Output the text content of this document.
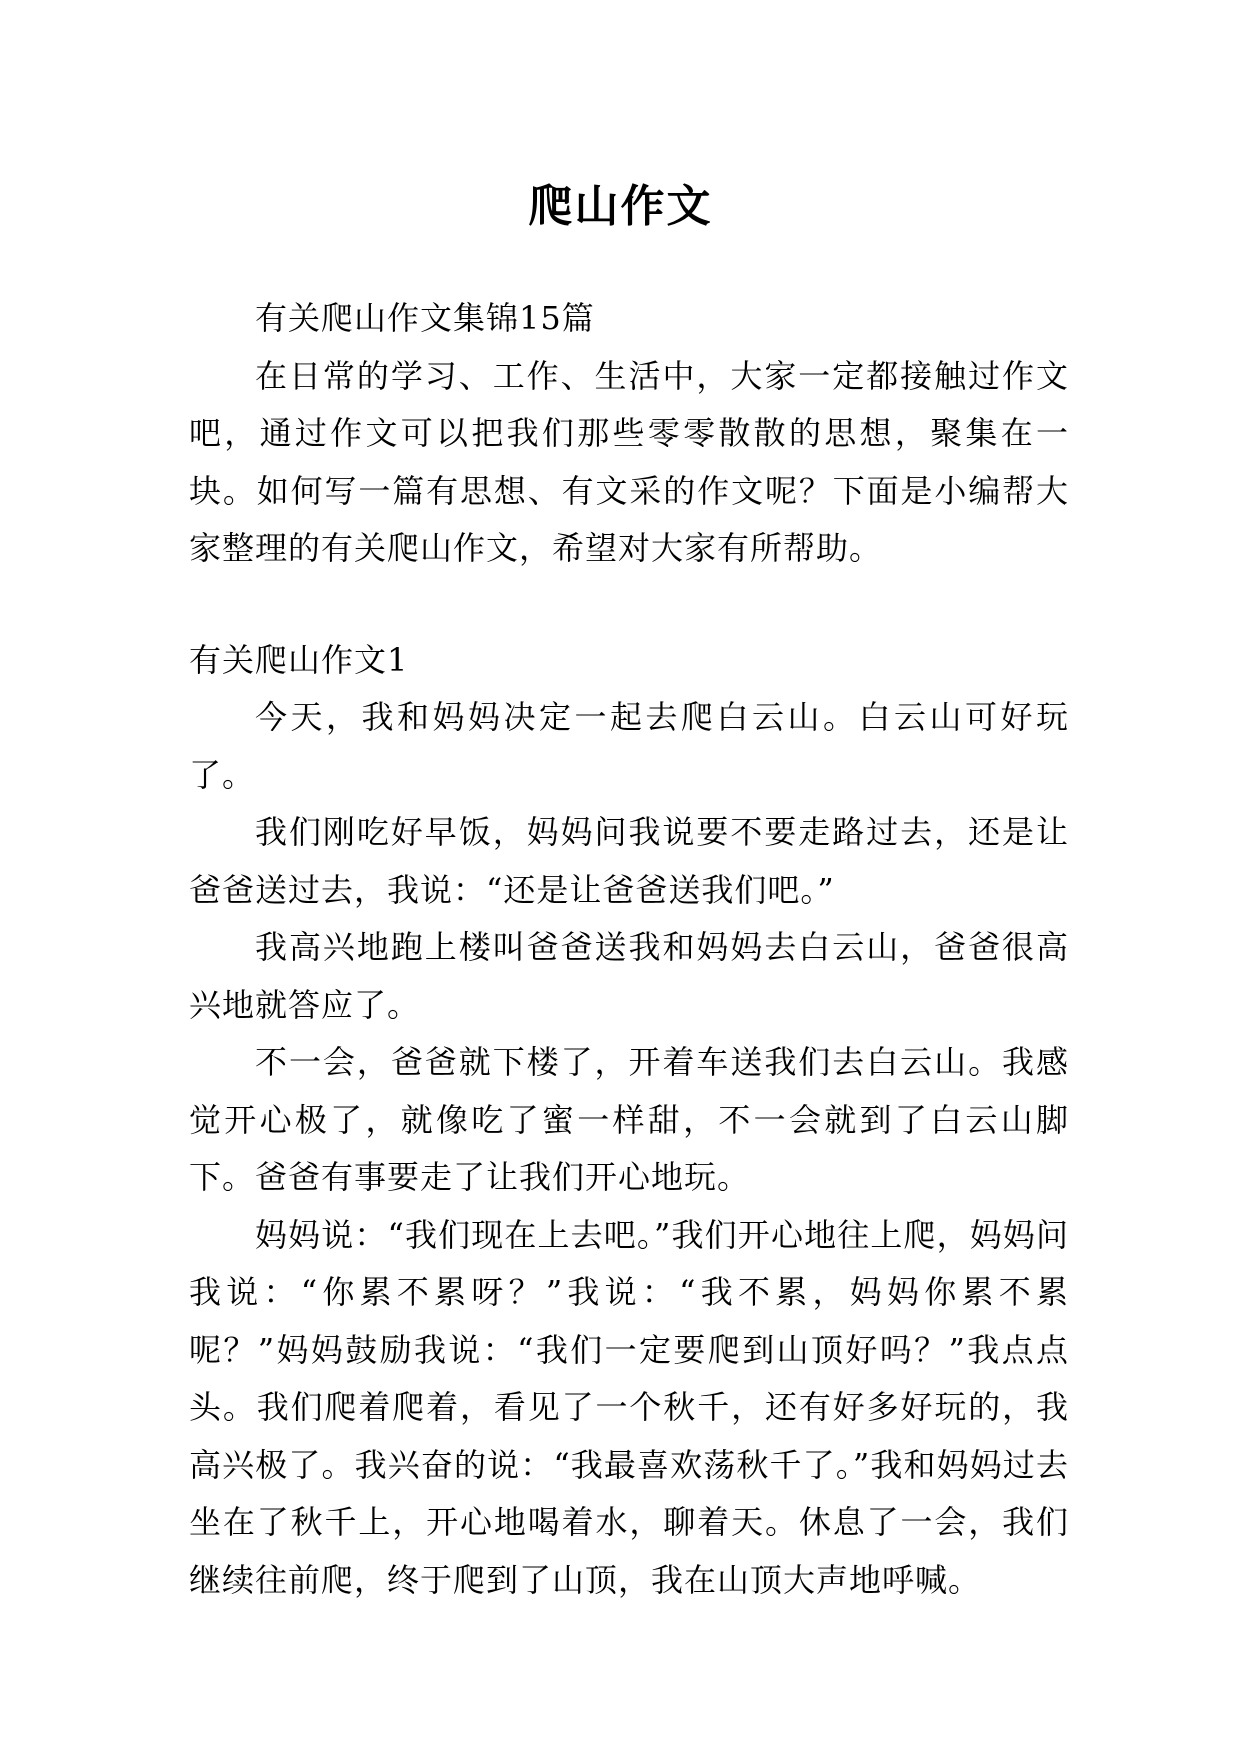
爬山作文

有关爬山作文集锦15篇

在日常的学习、工作、生活中，大家一定都接触过作文吧，通过作文可以把我们那些零零散散的思想，聚集在一块。如何写一篇有思想、有文采的作文呢？下面是小编帮大家整理的有关爬山作文，希望对大家有所帮助。

有关爬山作文1

今天，我和妈妈决定一起去爬白云山。白云山可好玩了。

我们刚吃好早饭，妈妈问我说要不要走路过去，还是让爸爸送过去，我说：“还是让爸爸送我们吧。”

我高兴地跑上楼叫爸爸送我和妈妈去白云山，爸爸很高兴地就答应了。

不一会，爸爸就下楼了，开着车送我们去白云山。我感觉开心极了，就像吃了蜜一样甜，不一会就到了白云山脚下。爸爸有事要走了让我们开心地玩。

妈妈说：“我们现在上去吧。”我们开心地往上爬，妈妈问我说：“你累不累呀？”我说：“我不累，妈妈你累不累呢？”妈妈鼓励我说：“我们一定要爬到山顶好吗？”我点点头。我们爬着爬着，看见了一个秋千，还有好多好玩的，我高兴极了。我兴奋的说：“我最喜欢荡秋千了。”我和妈妈过去坐在了秋千上，开心地喝着水，聊着天。休息了一会，我们继续往前爬，终于爬到了山顶，我在山顶大声地呼喊。
